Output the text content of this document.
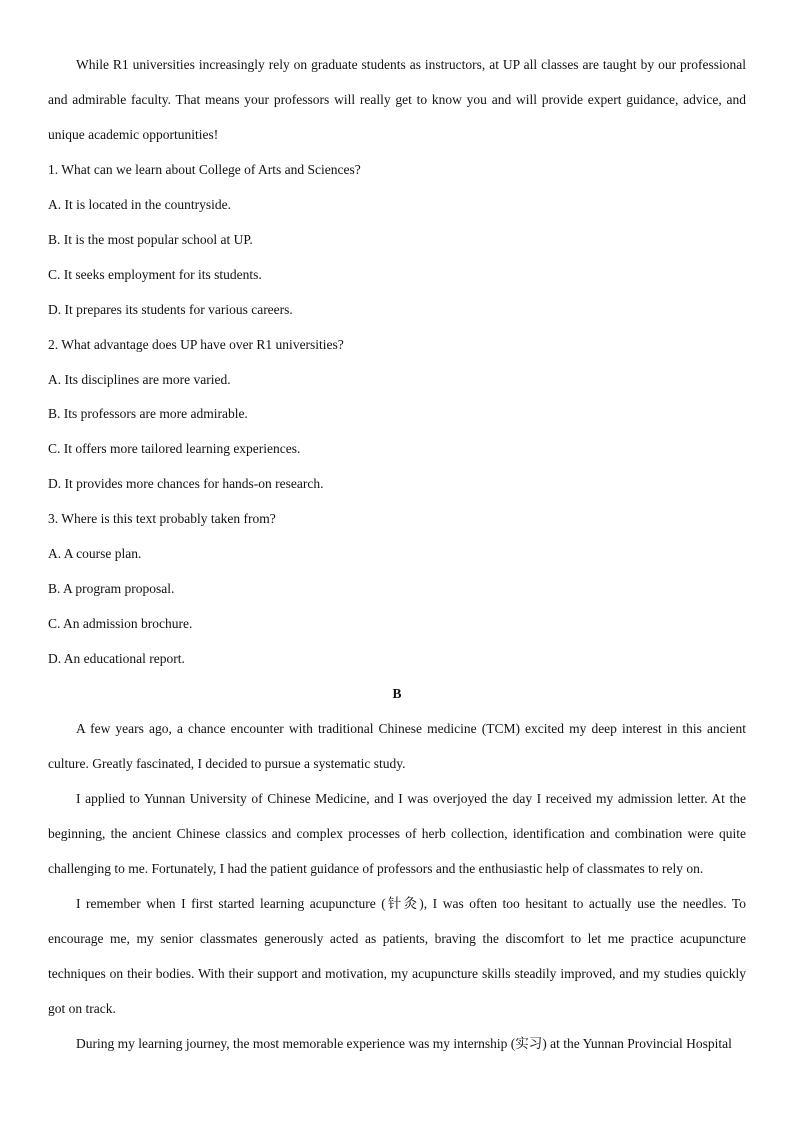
While R1 universities increasingly rely on graduate students as instructors, at UP all classes are taught by our professional and admirable faculty. That means your professors will really get to know you and will provide expert guidance, advice, and unique academic opportunities!

1. What can we learn about College of Arts and Sciences?
A. It is located in the countryside.
B. It is the most popular school at UP.
C. It seeks employment for its students.
D. It prepares its students for various careers.
2. What advantage does UP have over R1 universities?
A. Its disciplines are more varied.
B. Its professors are more admirable.
C. It offers more tailored learning experiences.
D. It provides more chances for hands-on research.
3. Where is this text probably taken from?
A. A course plan.
B. A program proposal.
C. An admission brochure.
D. An educational report.
B

A few years ago, a chance encounter with traditional Chinese medicine (TCM) excited my deep interest in this ancient culture. Greatly fascinated, I decided to pursue a systematic study.

I applied to Yunnan University of Chinese Medicine, and I was overjoyed the day I received my admission letter. At the beginning, the ancient Chinese classics and complex processes of herb collection, identification and combination were quite challenging to me. Fortunately, I had the patient guidance of professors and the enthusiastic help of classmates to rely on.

I remember when I first started learning acupuncture (针灸), I was often too hesitant to actually use the needles. To encourage me, my senior classmates generously acted as patients, braving the discomfort to let me practice acupuncture techniques on their bodies. With their support and motivation, my acupuncture skills steadily improved, and my studies quickly got on track.

During my learning journey, the most memorable experience was my internship (实习) at the Yunnan Provincial Hospital
